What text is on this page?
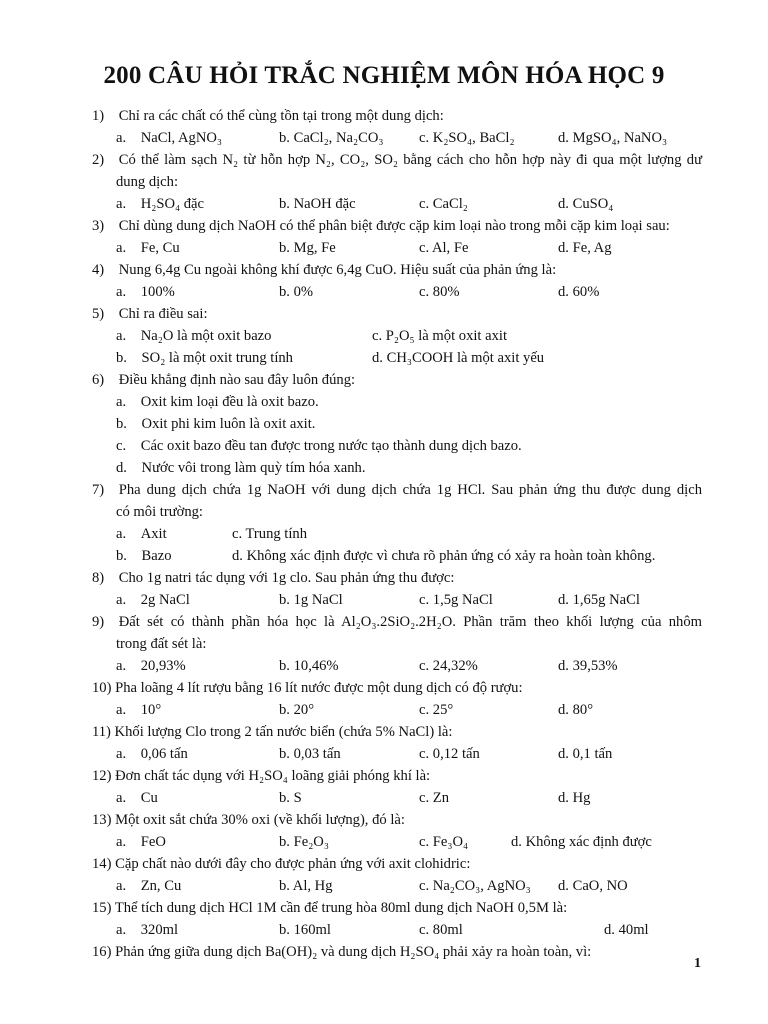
200 CÂU HỎI TRẮC NGHIỆM MÔN HÓA HỌC 9
1) Chỉ ra các chất có thể cùng tồn tại trong một dung dịch:
a. NaCl, AgNO₃	b. CaCl₂, Na₂CO₃ c. K₂SO₄, BaCl₂	d. MgSO₄, NaNO₃
2) Có thể làm sạch N₂ từ hỗn hợp N₂, CO₂, SO₂ bằng cách cho hỗn hợp này đi qua một lượng dư
dung dịch:
a. H₂SO₄ đặc	b. NaOH đặc	c. CaCl₂	d. CuSO₄
3) Chỉ dùng dung dịch NaOH có thể phân biệt được cặp kim loại nào trong mỗi cặp kim loại sau:
a. Fe, Cu	b. Mg, Fe	c. Al, Fe	d. Fe, Ag
4) Nung 6,4g Cu ngoài không khí được 6,4g CuO. Hiệu suất của phản ứng là:
a. 100%	b. 0%	c. 80%	d. 60%
5) Chỉ ra điều sai:
a. Na₂O là một oxit bazo	c. P₂O₅ là một oxit axit
b. SO₂ là một oxit trung tính	d. CH₃COOH là một axit yếu
6) Điều khẳng định nào sau đây luôn đúng:
a. Oxit kim loại đều là oxit bazo.
b. Oxit phi kim luôn là oxit axit.
c. Các oxit bazo đều tan được trong nước tạo thành dung dịch bazo.
d. Nước vôi trong làm quỳ tím hóa xanh.
7) Pha dung dịch chứa 1g NaOH với dung dịch chứa 1g HCl. Sau phản ứng thu được dung dịch
có môi trường:
a. Axit	c. Trung tính
b. Bazo	d. Không xác định được vì chưa rõ phản ứng có xảy ra hoàn toàn không.
8) Cho 1g natri tác dụng với 1g clo. Sau phản ứng thu được:
a. 2g NaCl	b. 1g NaCl	c. 1,5g NaCl	d. 1,65g NaCl
9) Đất sét có thành phần hóa học là Al₂O₃.2SiO₂.2H₂O. Phần trăm theo khối lượng của nhôm
trong đất sét là:
a. 20,93%	b. 10,46%	c. 24,32%	d. 39,53%
10) Pha loãng 4 lít rượu bằng 16 lít nước được một dung dịch có độ rượu:
a. 10°	b. 20°	c. 25°	d. 80°
11) Khối lượng Clo trong 2 tấn nước biển (chứa 5% NaCl) là:
a. 0,06 tấn	b. 0,03 tấn	c. 0,12 tấn	d. 0,1 tấn
12) Đơn chất tác dụng với H₂SO₄ loãng giải phóng khí là:
a. Cu	b. S	c. Zn	d. Hg
13) Một oxit sắt chứa 30% oxi (về khối lượng), đó là:
a. FeO	b. Fe₂O₃	c. Fe₃O₄	d. Không xác định được
14) Cặp chất nào dưới đây cho được phản ứng với axit clohidric:
a. Zn, Cu	b. Al, Hg	c. Na₂CO₃, AgNO₃ d. CaO, NO
15) Thể tích dung dịch HCl 1M cần để trung hòa 80ml dung dịch NaOH 0,5M là:
a. 320ml	b. 160ml	c. 80ml	d. 40ml
16) Phản ứng giữa dung dịch Ba(OH)₂ và dung dịch H₂SO₄ phải xảy ra hoàn toàn, vì:
1
